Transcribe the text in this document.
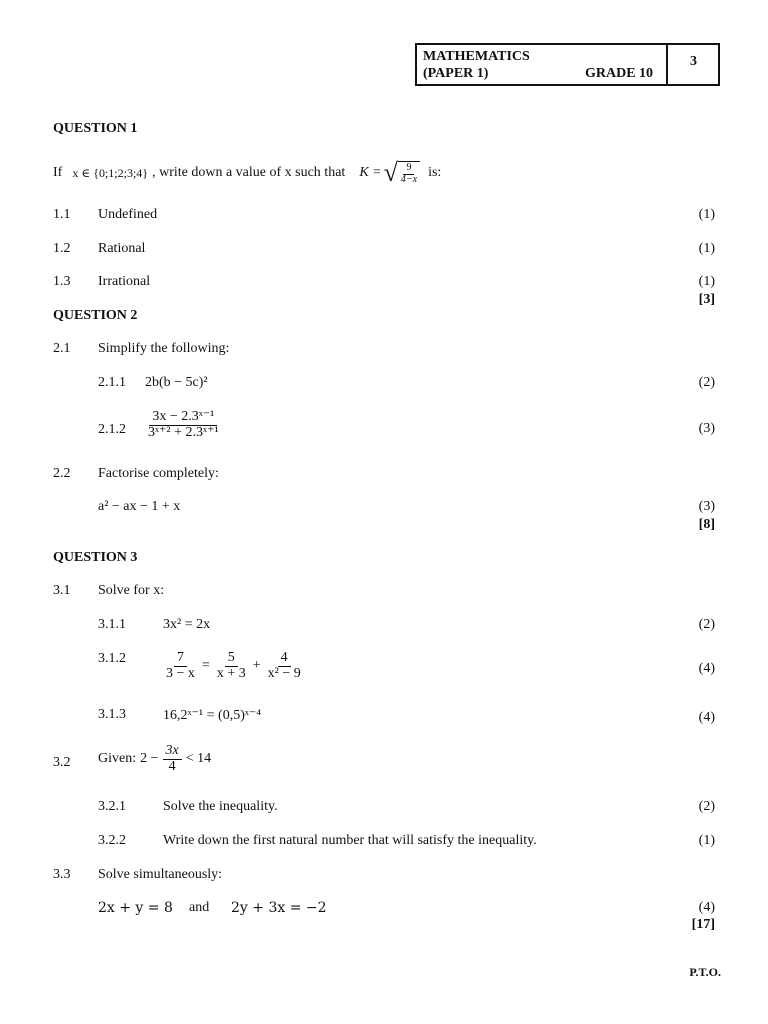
MATHEMATICS
(PAPER 1)	GRADE 10
3
QUESTION 1
If x ∈ {0;1;2;3;4} , write down a value of x such that K = √ $\frac{9}{4-x}$ is:
1.1 Undefined	(1)
1.2 Rational	(1)
1.3 Irrational	(1)
[3]
QUESTION 2
2.1 Simplify the following:
2.1.1 2b(b − 5c)²	(2)
$2.1.2 \frac{\text{3x − 2.3ˣ⁻¹}}{\text{3ˣ⁺² + 2.3ˣ⁺¹}}$	(3)
2.2 Factorise completely:
a² − ax − 1 + x	(3)
[8]
QUESTION 3
3.1 Solve for x:
3.1.1	3x² = 2x	(2)
3.1.2	$\frac{7}{3 - x} = \frac{5}{x + 3} + \frac{4}{\text{x² − 9}}$	(4)
3.1.3	16,2ˣ⁻¹ = (0,5)ˣ⁻⁴	(4)
3.2 Given: $2 - \frac{3x}{4} < 14$
3.2.1	Solve the inequality.	(2)
3.2.2	Write down the first natural number that will satisfy the inequality.	(1)
3.3 Solve simultaneously:
2x + y = 8 and 2y + 3x = −2	(4)
[17]
P.T.O.
